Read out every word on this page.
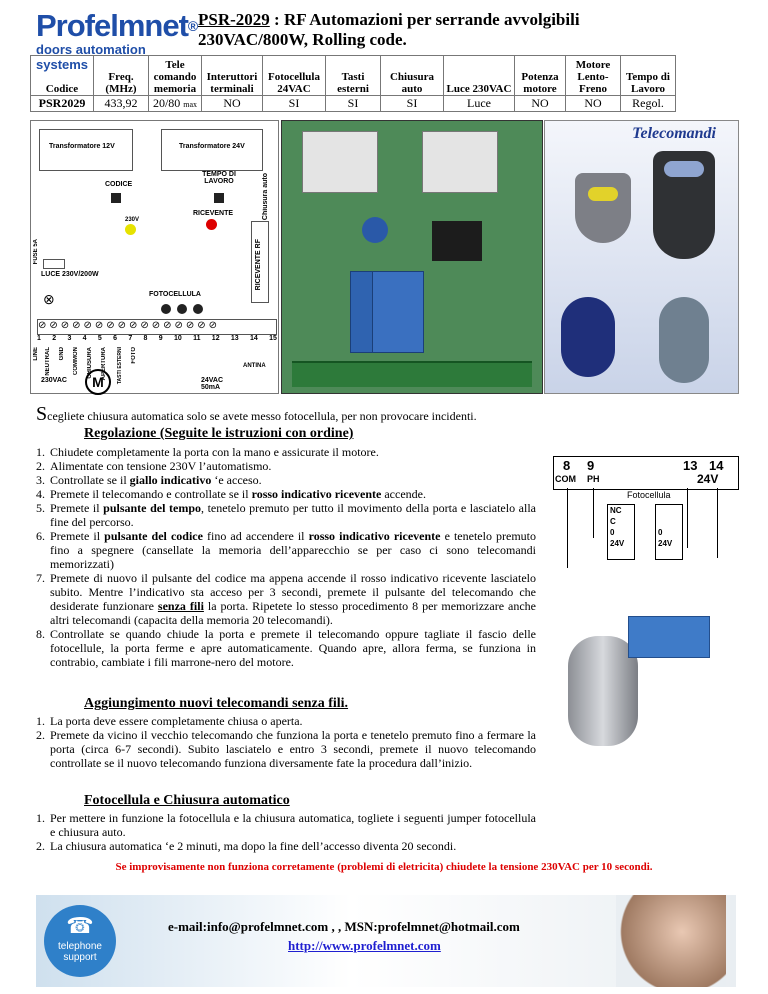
Profelmnet®
doors automation systems
PSR-2029 : RF Automazioni per serrande avvolgibili
230VAC/800W, Rolling code.
Codice	Freq. (MHz)	Tele comando memoria	Interuttori terminali	Fotocellula 24VAC	Tasti esterni	Chiusura auto	Luce 230VAC	Potenza motore	Motore Lento- Freno	Tempo di Lavoro
PSR2029	433,92	20/80 max	NO	SI	SI	SI	Luce	NO	NO	Regol.
Transformatore 12V	Transformatore 24V
TEMPO DI LAVORO
CODICE	Chiusura auto
RICEVENTE
230V
FUSE 5A	RICEVENTE RF
LUCE 230V/200W
⊗	FOTOCELLULA
⊘⊘⊘⊘⊘⊘⊘⊘⊘⊘⊘⊘⊘⊘⊘⊘
1 2 3 4 5 6 7 8 9 10 11 12 13 14 15
LINE NEUTRAL GND COMMON CHIUSURA APERTURA TASTI ESTERNI FOTO
230VAC	M	24VAC 50mA
ANTINA
Telecomandi
Scegliete chiusura automatica solo se avete messo fotocellula, per non provocare incidenti.
Regolazione (Seguite le istruzioni con ordine)
1. Chiudete completamente la porta con la mano e assicurate il motore.
2. Alimentate con tensione 230V l’automatismo.
3. Controllate se il giallo indicativo ‘e acceso.
4. Premete il telecomando e controllate se il rosso indicativo ricevente accende.
5. Premete il pulsante del tempo, tenetelo premuto per tutto il movimento della porta e lasciatelo alla fine del percorso.
6. Premete il pulsante del codice fino ad accendere il rosso indicativo ricevente e tenetelo premuto fino a spegnere (cansellate la memoria dell’apparecchio se per caso ci sono telecomandi memorizzati)
7. Premete di nuovo il pulsante del codice ma appena accende il rosso indicativo ricevente lasciatelo subito. Mentre l’indicativo sta acceso per 3 secondi, premete il pulsante del telecomando che desiderate funzionare senza fili la porta. Ripetete lo stesso procedimento 8 per memorizzare anche altri telecomandi (capacita della memoria 20 telecomandi).
8. Controllate se quando chiude la porta e premete il telecomando oppure tagliate il fascio delle fotocellule, la porta ferme e apre automaticamente. Quando apre, allora ferma, se funziona in contrabio, cambiate i fili marrone-nero del motore.
8 9	13 14
COM PH	24V
Fotocellula
NC
C
0
24V

0
24V
Aggiungimento nuovi telecomandi senza fili.
1. La porta deve essere completamente chiusa o aperta.
2. Premete da vicino il vecchio telecomando che funziona la porta e tenetelo premuto fino a fermare la porta (circa 6-7 secondi). Subito lasciatelo e entro 3 secondi, premete il nuovo telecomando controllate se il nuovo telecomando funziona diversamente fate la procedura dall’inizio.
Fotocellula e Chiusura automatico
1. Per mettere in funzione la fotocellula e la chiusura automatica, togliete i seguenti jumper fotocellula e chiusura auto.
2. La chiusura automatica ‘e 2 minuti, ma dopo la fine dell’accesso diventa 20 secondi.
Se improvisamente non funziona corretamente (problemi di eletricita) chiudete la tensione 230VAC per 10 secondi.
☎
telephone
support
e-mail:info@profelmnet.com , , MSN:profelmnet@hotmail.com
http://www.profelmnet.com
